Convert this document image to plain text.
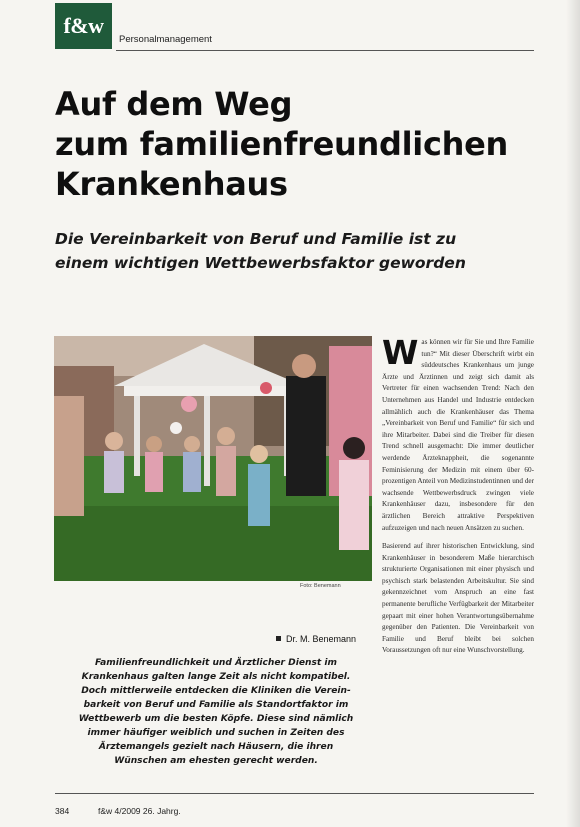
f&w
Personalmanagement
Auf dem Weg
zum familienfreundlichen
Krankenhaus
Die Vereinbarkeit von Beruf und Familie ist zu
einem wichtigen Wettbewerbsfaktor geworden
Foto: Benemann
Dr. M. Benemann
Familienfreundlichkeit und Ärztlicher Dienst im
Krankenhaus galten lange Zeit als nicht kompatibel.
Doch mittlerweile entdecken die Kliniken die Verein-
barkeit von Beruf und Familie als Standortfaktor im
Wettbewerb um die besten Köpfe. Diese sind nämlich
immer häufiger weiblich und suchen in Zeiten des
Ärztemangels gezielt nach Häusern, die ihren
Wünschen am ehesten gerecht werden.

Was können wir für Sie und Ihre Familie tun?“ Mit dieser Überschrift wirbt ein süddeutsches Krankenhaus um junge Ärzte und Ärztinnen und zeigt sich damit als Vertreter für einen wachsenden Trend: Nach den Unternehmen aus Handel und Industrie entdecken allmählich auch die Krankenhäuser das Thema „Vereinbarkeit von Beruf und Familie“ für sich und ihre Mitarbeiter. Dabei sind die Treiber für diesen Trend schnell ausgemacht: Die immer deutlicher werdende Ärzteknappheit, die sogenannte Feminisierung der Medizin mit einem über 60-prozentigen Anteil von Medizinstudentinnen und der wachsende Wettbewerbsdruck zwingen viele Krankenhäuser dazu, insbesondere für den ärztlichen Bereich attraktive Perspektiven aufzuzeigen und nach neuen Ansätzen zu suchen.

Basierend auf ihrer historischen Entwicklung, sind Krankenhäuser in besonderem Maße hierarchisch strukturierte Organisationen mit einer physisch und psychisch stark belastenden Arbeitskultur. Sie sind gekennzeichnet vom Anspruch an eine fast permanente berufliche Verfügbarkeit der Mitarbeiter gepaart mit einer hohen Verantwortungsübernahme gegenüber den Patienten. Die Vereinbarkeit von Familie und Beruf bleibt bei solchen Voraussetzungen oft nur eine Wunschvorstellung.

384	f&w 4/2009 26. Jahrg.
